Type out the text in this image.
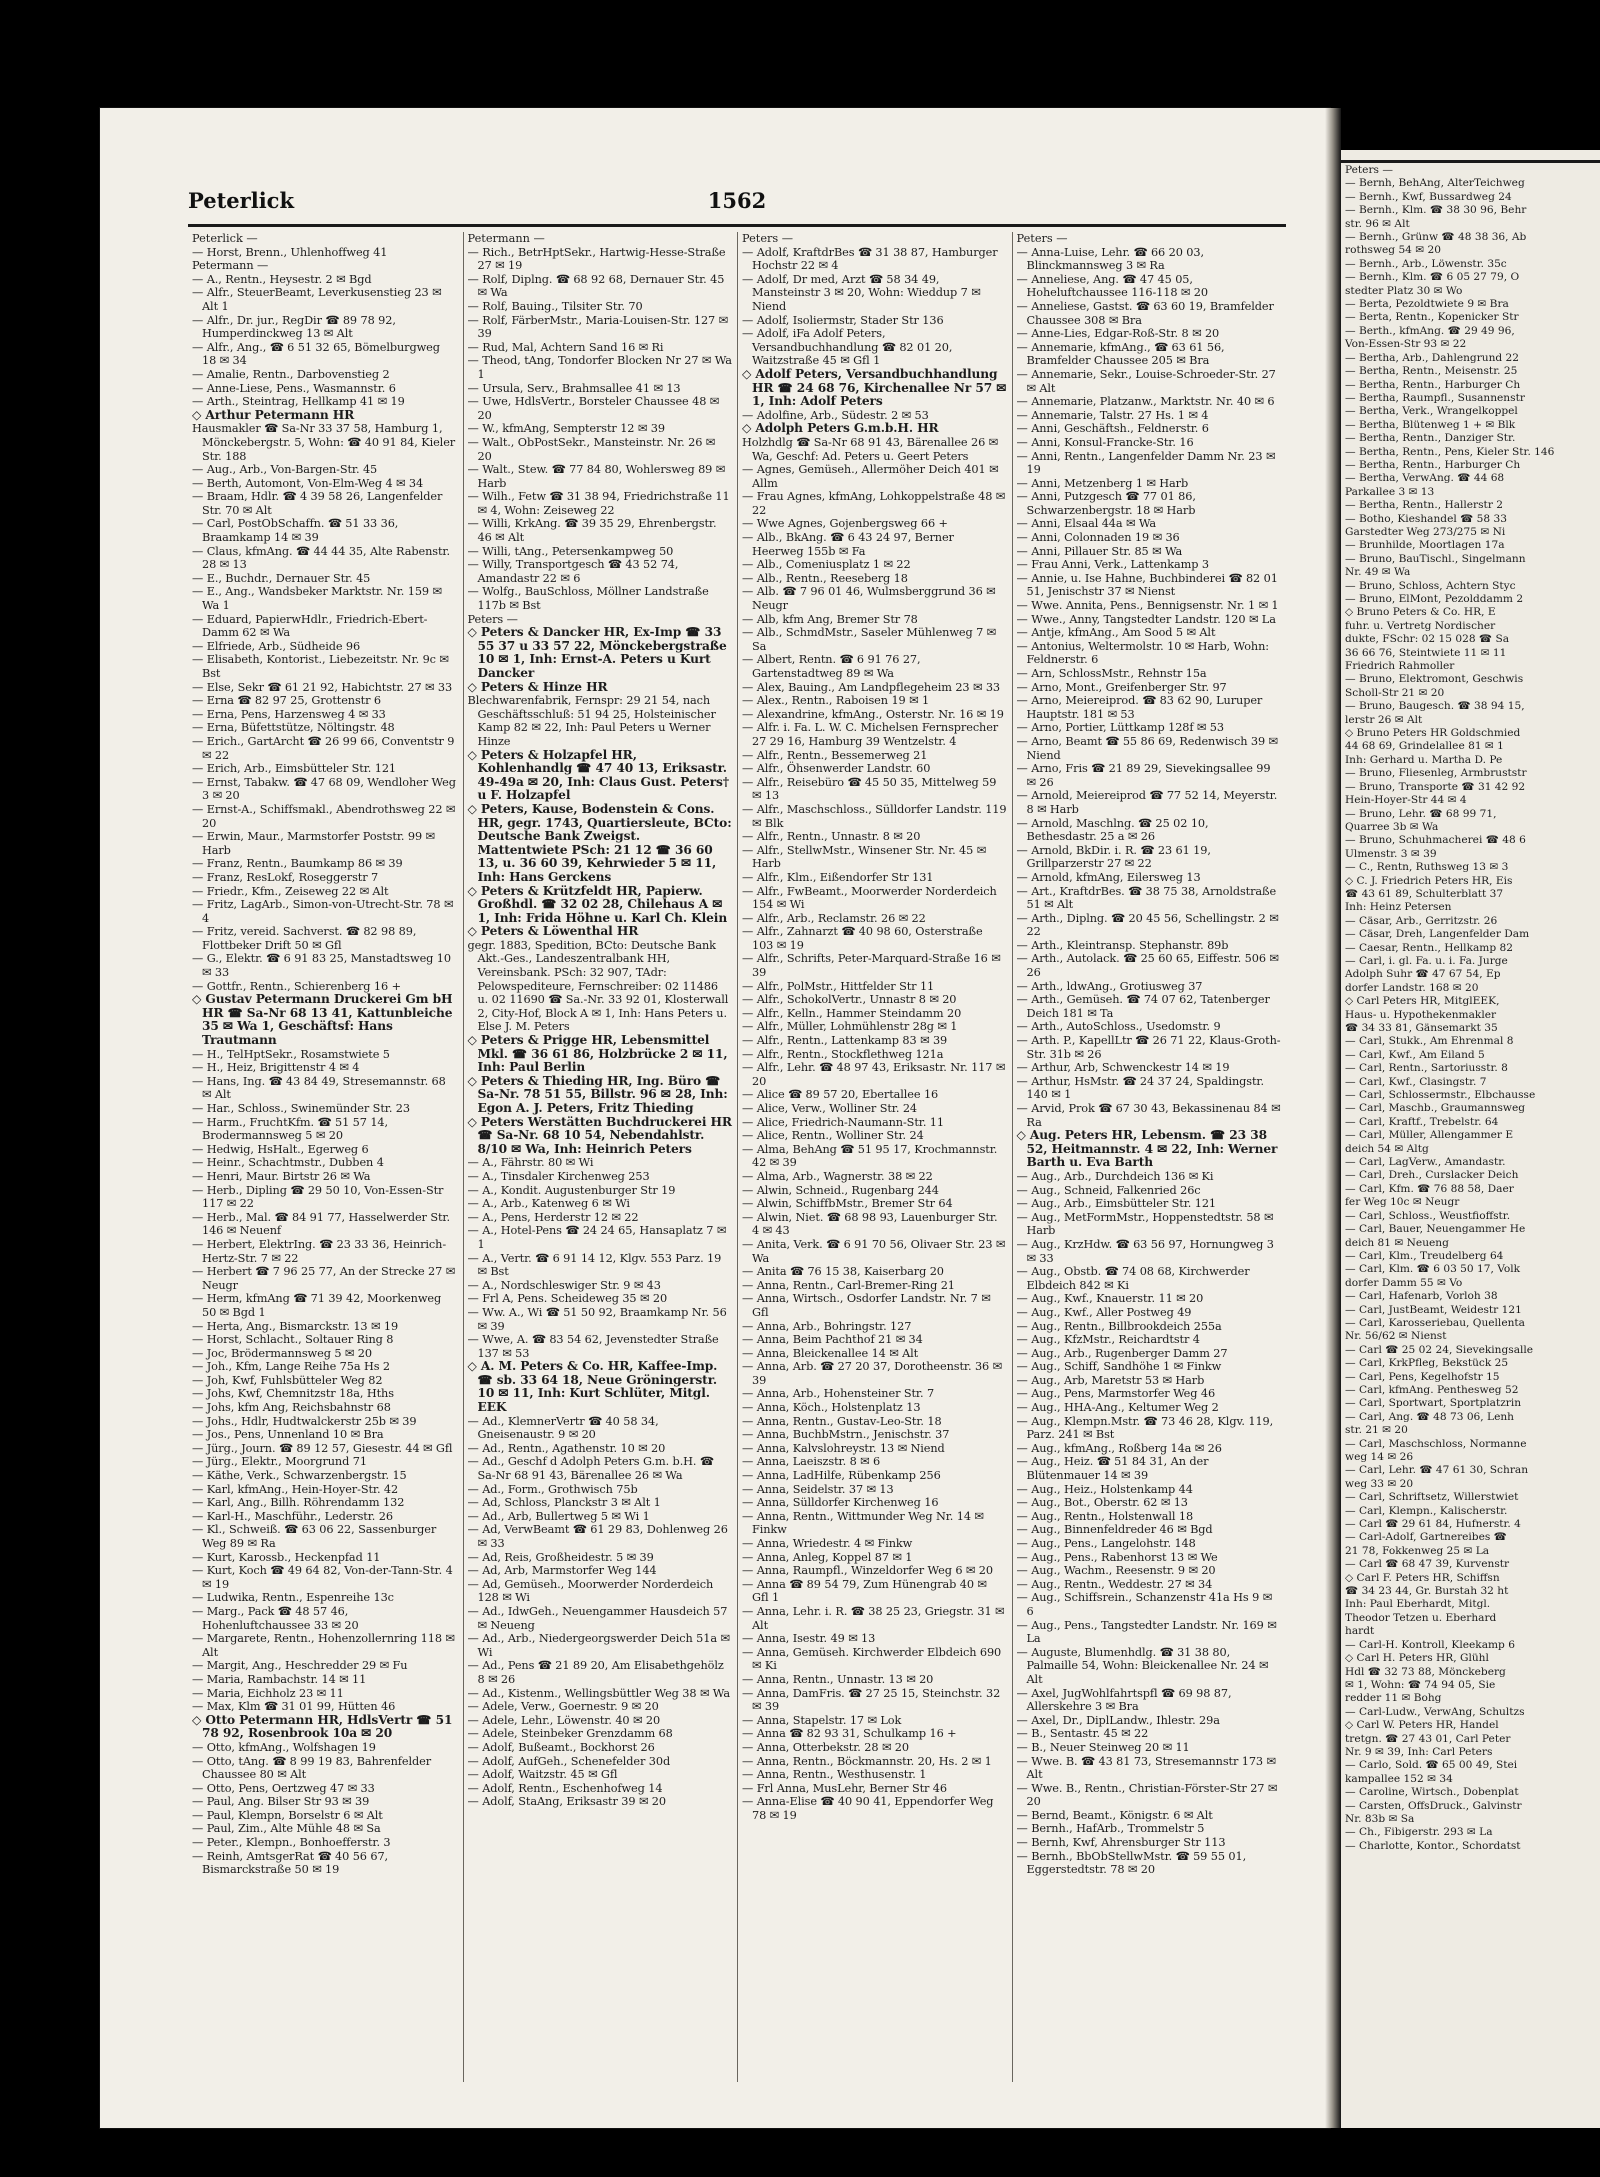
Peterlick	1562
Peterlick —
— Horst, Brenn., Uhlenhoffweg 41
Petermann —
— A., Rentn., Heysestr. 2 ✉ Bgd
— Alfr., SteuerBeamt, Leverkusenstieg 23 ✉ Alt 1
— Alfr., Dr. jur., RegDir ☎ 89 78 92, Humperdinckweg 13 ✉ Alt
— Alfr., Ang., ☎ 6 51 32 65, Bömelburgweg 18 ✉ 34
— Amalie, Rentn., Darbovenstieg 2
— Anne-Liese, Pens., Wasmannstr. 6
— Arth., Steintrag, Hellkamp 41 ✉ 19
◇ Arthur Petermann HR
Hausmakler ☎ Sa-Nr 33 37 58, Hamburg 1, Mönckebergstr. 5, Wohn: ☎ 40 91 84, Kieler Str. 188
— Aug., Arb., Von-Bargen-Str. 45
— Berth, Automont, Von-Elm-Weg 4 ✉ 34
— Braam, Hdlr. ☎ 4 39 58 26, Langenfelder Str. 70 ✉ Alt
— Carl, PostObSchaffn. ☎ 51 33 36, Braamkamp 14 ✉ 39
— Claus, kfmAng. ☎ 44 44 35, Alte Rabenstr. 28 ✉ 13
— E., Buchdr., Dernauer Str. 45
— E., Ang., Wandsbeker Marktstr. Nr. 159 ✉ Wa 1
— Eduard, PapierwHdlr., Friedrich-Ebert-Damm 62 ✉ Wa
— Elfriede, Arb., Südheide 96
— Elisabeth, Kontorist., Liebezeitstr. Nr. 9c ✉ Bst
— Else, Sekr ☎ 61 21 92, Habichtstr. 27 ✉ 33
— Erna ☎ 82 97 25, Grottenstr 6
— Erna, Pens, Harzensweg 4 ✉ 33
— Erna, Büfettstütze, Nöltingstr. 48
— Erich., GartArcht ☎ 26 99 66, Conventstr 9 ✉ 22
— Erich, Arb., Eimsbütteler Str. 121
— Ernst, Tabakw. ☎ 47 68 09, Wendloher Weg 3 ✉ 20
— Ernst-A., Schiffsmakl., Abendrothsweg 22 ✉ 20
— Erwin, Maur., Marmstorfer Poststr. 99 ✉ Harb
— Franz, Rentn., Baumkamp 86 ✉ 39
— Franz, ResLokf, Roseggerstr 7
— Friedr., Kfm., Zeiseweg 22 ✉ Alt
— Fritz, LagArb., Simon-von-Utrecht-Str. 78 ✉ 4
— Fritz, vereid. Sachverst. ☎ 82 98 89, Flottbeker Drift 50 ✉ Gfl
— G., Elektr. ☎ 6 91 83 25, Manstadtsweg 10 ✉ 33
— Gottfr., Rentn., Schierenberg 16 +
◇ Gustav Petermann Druckerei Gm bH HR ☎ Sa-Nr 68 13 41, Kattunbleiche 35 ✉ Wa 1, Geschäftsf: Hans Trautmann
— H., TelHptSekr., Rosamstwiete 5
— H., Heiz, Brigittenstr 4 ✉ 4
— Hans, Ing. ☎ 43 84 49, Stresemannstr. 68 ✉ Alt
— Har., Schloss., Swinemünder Str. 23
— Harm., FruchtKfm. ☎ 51 57 14, Brodermannsweg 5 ✉ 20
— Hedwig, HsHalt., Egerweg 6
— Heinr., Schachtmstr., Dubben 4
— Henri, Maur. Birtstr 26 ✉ Wa
— Herb., Dipling ☎ 29 50 10, Von-Essen-Str 117 ✉ 22
— Herb., Mal. ☎ 84 91 77, Hasselwerder Str. 146 ✉ Neuenf
— Herbert, ElektrIng. ☎ 23 33 36, Heinrich-Hertz-Str. 7 ✉ 22
— Herbert ☎ 7 96 25 77, An der Strecke 27 ✉ Neugr
— Herm, kfmAng ☎ 71 39 42, Moorkenweg 50 ✉ Bgd 1
— Herta, Ang., Bismarckstr. 13 ✉ 19
— Horst, Schlacht., Soltauer Ring 8
— Joc, Brödermannsweg 5 ✉ 20
— Joh., Kfm, Lange Reihe 75a Hs 2
— Joh, Kwf, Fuhlsbütteler Weg 82
— Johs, Kwf, Chemnitzstr 18a, Hths
— Johs, kfm Ang, Reichsbahnstr 68
— Johs., Hdlr, Hudtwalckerstr 25b ✉ 39
— Jos., Pens, Unnenland 10 ✉ Bra
— Jürg., Journ. ☎ 89 12 57, Giesestr. 44 ✉ Gfl
— Jürg., Elektr., Moorgrund 71
— Käthe, Verk., Schwarzenbergstr. 15
— Karl, kfmAng., Hein-Hoyer-Str. 42
— Karl, Ang., Billh. Röhrendamm 132
— Karl-H., Maschführ., Lederstr. 26
— Kl., Schweiß. ☎ 63 06 22, Sassenburger Weg 89 ✉ Ra
— Kurt, Karossb., Heckenpfad 11
— Kurt, Koch ☎ 49 64 82, Von-der-Tann-Str. 4 ✉ 19
— Ludwika, Rentn., Espenreihe 13c
— Marg., Pack ☎ 48 57 46, Hohenluftchaussee 33 ✉ 20
— Margarete, Rentn., Hohenzollernring 118 ✉ Alt
— Margit, Ang., Heschredder 29 ✉ Fu
— Maria, Rambachstr. 14 ✉ 11
— Maria, Eichholz 23 ✉ 11
— Max, Klm ☎ 31 01 99, Hütten 46
◇ Otto Petermann HR, HdlsVertr ☎ 51 78 92, Rosenbrook 10a ✉ 20
— Otto, kfmAng., Wolfshagen 19
— Otto, tAng. ☎ 8 99 19 83, Bahrenfelder Chaussee 80 ✉ Alt
— Otto, Pens, Oertzweg 47 ✉ 33
— Paul, Ang. Bilser Str 93 ✉ 39
— Paul, Klempn, Borselstr 6 ✉ Alt
— Paul, Zim., Alte Mühle 48 ✉ Sa
— Peter., Klempn., Bonhoefferstr. 3
— Reinh, AmtsgerRat ☎ 40 56 67, Bismarckstraße 50 ✉ 19
Petermann —
— Rich., BetrHptSekr., Hartwig-Hesse-Straße 27 ✉ 19
— Rolf, Diplng. ☎ 68 92 68, Dernauer Str. 45 ✉ Wa
— Rolf, Bauing., Tilsiter Str. 70
— Rolf, FärberMstr., Maria-Louisen-Str. 127 ✉ 39
— Rud, Mal, Achtern Sand 16 ✉ Ri
— Theod, tAng, Tondorfer Blocken Nr 27 ✉ Wa 1
— Ursula, Serv., Brahmsallee 41 ✉ 13
— Uwe, HdlsVertr., Borsteler Chaussee 48 ✉ 20
— W., kfmAng, Sempterstr 12 ✉ 39
— Walt., ObPostSekr., Mansteinstr. Nr. 26 ✉ 20
— Walt., Stew. ☎ 77 84 80, Wohlersweg 89 ✉ Harb
— Wilh., Fetw ☎ 31 38 94, Friedrichstraße 11 ✉ 4, Wohn: Zeiseweg 22
— Willi, KrkAng. ☎ 39 35 29, Ehrenbergstr. 46 ✉ Alt
— Willi, tAng., Petersenkampweg 50
— Willy, Transportgesch ☎ 43 52 74, Amandastr 22 ✉ 6
— Wolfg., BauSchloss, Möllner Landstraße 117b ✉ Bst
Peters —
◇ Peters & Dancker HR, Ex-Imp ☎ 33 55 37 u 33 57 22, Mönckebergstraße 10 ✉ 1, Inh: Ernst-A. Peters u Kurt Dancker
◇ Peters & Hinze HR
Blechwarenfabrik, Fernspr: 29 21 54, nach Geschäftsschluß: 51 94 25, Holsteinischer Kamp 82 ✉ 22, Inh: Paul Peters u Werner Hinze
◇ Peters & Holzapfel HR, Kohlenhandlg ☎ 47 40 13, Eriksastr. 49-49a ✉ 20, Inh: Claus Gust. Peters† u F. Holzapfel
◇ Peters, Kause, Bodenstein & Cons. HR, gegr. 1743, Quartiersleute, BCto: Deutsche Bank Zweigst. Mattentwiete PSch: 21 12 ☎ 36 60 13, u. 36 60 39, Kehrwieder 5 ✉ 11, Inh: Hans Gerckens
◇ Peters & Krützfeldt HR, Papierw. Großhdl. ☎ 32 02 28, Chilehaus A ✉ 1, Inh: Frida Höhne u. Karl Ch. Klein
◇ Peters & Löwenthal HR
gegr. 1883, Spedition, BCto: Deutsche Bank Akt.-Ges., Landeszentralbank HH, Vereinsbank. PSch: 32 907, TAdr: Pelowspediteure, Fernschreiber: 02 11486 u. 02 11690 ☎ Sa.-Nr. 33 92 01, Klosterwall 2, City-Hof, Block A ✉ 1, Inh: Hans Peters u. Else J. M. Peters
◇ Peters & Prigge HR, Lebensmittel Mkl. ☎ 36 61 86, Holzbrücke 2 ✉ 11, Inh: Paul Berlin
◇ Peters & Thieding HR, Ing. Büro ☎ Sa-Nr. 78 51 55, Billstr. 96 ✉ 28, Inh: Egon A. J. Peters, Fritz Thieding
◇ Peters Werstätten Buchdruckerei HR ☎ Sa-Nr. 68 10 54, Nebendahlstr. 8/10 ✉ Wa, Inh: Heinrich Peters
— A., Fährstr. 80 ✉ Wi
— A., Tinsdaler Kirchenweg 253
— A., Kondit. Augustenburger Str 19
— A., Arb., Katenweg 6 ✉ Wi
— A., Pens, Herderstr 12 ✉ 22
— A., Hotel-Pens ☎ 24 24 65, Hansaplatz 7 ✉ 1
— A., Vertr. ☎ 6 91 14 12, Klgv. 553 Parz. 19 ✉ Bst
— A., Nordschleswiger Str. 9 ✉ 43
— Frl A, Pens. Scheideweg 35 ✉ 20
— Ww. A., Wi ☎ 51 50 92, Braamkamp Nr. 56 ✉ 39
— Wwe, A. ☎ 83 54 62, Jevenstedter Straße 137 ✉ 53
◇ A. M. Peters & Co. HR, Kaffee-Imp. ☎ sb. 33 64 18, Neue Gröningerstr. 10 ✉ 11, Inh: Kurt Schlüter, Mitgl. EEK
— Ad., KlemnerVertr ☎ 40 58 34, Gneisenaustr. 9 ✉ 20
— Ad., Rentn., Agathenstr. 10 ✉ 20
— Ad., Geschf d Adolph Peters G.m. b.H. ☎ Sa-Nr 68 91 43, Bärenallee 26 ✉ Wa
— Ad., Form., Grothwisch 75b
— Ad, Schloss, Planckstr 3 ✉ Alt 1
— Ad., Arb, Bullertweg 5 ✉ Wi 1
— Ad, VerwBeamt ☎ 61 29 83, Dohlenweg 26 ✉ 33
— Ad, Reis, Großheidestr. 5 ✉ 39
— Ad, Arb, Marmstorfer Weg 144
— Ad, Gemüseh., Moorwerder Norderdeich 128 ✉ Wi
— Ad., IdwGeh., Neuengammer Hausdeich 57 ✉ Neueng
— Ad., Arb., Niedergeorgswerder Deich 51a ✉ Wi
— Ad., Pens ☎ 21 89 20, Am Elisabethgehölz 8 ✉ 26
— Ad., Kistenm., Wellingsbüttler Weg 38 ✉ Wa
— Adele, Verw., Goernestr. 9 ✉ 20
— Adele, Lehr., Löwenstr. 40 ✉ 20
— Adele, Steinbeker Grenzdamm 68
— Adolf, Bußeamt., Bockhorst 26
— Adolf, AufGeh., Schenefelder 30d
— Adolf, Waitzstr. 45 ✉ Gfl
— Adolf, Rentn., Eschenhofweg 14
— Adolf, StaAng, Eriksastr 39 ✉ 20
Peters —
— Adolf, KraftdrBes ☎ 31 38 87, Hamburger Hochstr 22 ✉ 4
— Adolf, Dr med, Arzt ☎ 58 34 49, Mansteinstr 3 ✉ 20, Wohn: Wieddup 7 ✉ Niend
— Adolf, Isoliermstr, Stader Str 136
— Adolf, iFa Adolf Peters, Versandbuchhandlung ☎ 82 01 20, Waitzstraße 45 ✉ Gfl 1
◇ Adolf Peters, Versandbuchhandlung HR ☎ 24 68 76, Kirchenallee Nr 57 ✉ 1, Inh: Adolf Peters
— Adolfine, Arb., Südestr. 2 ✉ 53
◇ Adolph Peters G.m.b.H. HR
Holzhdlg ☎ Sa-Nr 68 91 43, Bärenallee 26 ✉ Wa, Geschf: Ad. Peters u. Geert Peters
— Agnes, Gemüseh., Allermöher Deich 401 ✉ Allm
— Frau Agnes, kfmAng, Lohkoppelstraße 48 ✉ 22
— Wwe Agnes, Gojenbergsweg 66 +
— Alb., BkAng. ☎ 6 43 24 97, Berner Heerweg 155b ✉ Fa
— Alb., Comeniusplatz 1 ✉ 22
— Alb., Rentn., Reeseberg 18
— Alb. ☎ 7 96 01 46, Wulmsberggrund 36 ✉ Neugr
— Alb, kfm Ang, Bremer Str 78
— Alb., SchmdMstr., Saseler Mühlenweg 7 ✉ Sa
— Albert, Rentn. ☎ 6 91 76 27, Gartenstadtweg 89 ✉ Wa
— Alex, Bauing., Am Landpflegeheim 23 ✉ 33
— Alex., Rentn., Raboisen 19 ✉ 1
— Alexandrine, kfmAng., Osterstr. Nr. 16 ✉ 19
— Alfr. i. Fa. L. W. C. Michelsen Fernsprecher 27 29 16, Hamburg 39 Wentzelstr. 4
— Alfr., Rentn., Bessemerweg 21
— Alfr., Öhsenwerder Landstr. 60
— Alfr., Reisebüro ☎ 45 50 35, Mittelweg 59 ✉ 13
— Alfr., Maschschloss., Sülldorfer Landstr. 119 ✉ Blk
— Alfr., Rentn., Unnastr. 8 ✉ 20
— Alfr., StellwMstr., Winsener Str. Nr. 45 ✉ Harb
— Alfr., Klm., Eißendorfer Str 131
— Alfr., FwBeamt., Moorwerder Norderdeich 154 ✉ Wi
— Alfr., Arb., Reclamstr. 26 ✉ 22
— Alfr., Zahnarzt ☎ 40 98 60, Osterstraße 103 ✉ 19
— Alfr., Schrifts, Peter-Marquard-Straße 16 ✉ 39
— Alfr., PolMstr., Hittfelder Str 11
— Alfr., SchokolVertr., Unnastr 8 ✉ 20
— Alfr., Kelln., Hammer Steindamm 20
— Alfr., Müller, Lohmühlenstr 28g ✉ 1
— Alfr., Rentn., Lattenkamp 83 ✉ 39
— Alfr., Rentn., Stockflethweg 121a
— Alfr., Lehr. ☎ 48 97 43, Eriksastr. Nr. 117 ✉ 20
— Alice ☎ 89 57 20, Ebertallee 16
— Alice, Verw., Wolliner Str. 24
— Alice, Friedrich-Naumann-Str. 11
— Alice, Rentn., Wolliner Str. 24
— Alma, BehAng ☎ 51 95 17, Krochmannstr. 42 ✉ 39
— Alma, Arb., Wagnerstr. 38 ✉ 22
— Alwin, Schneid., Rugenbarg 244
— Alwin, SchiffbMstr., Bremer Str 64
— Alwin, Niet. ☎ 68 98 93, Lauenburger Str. 4 ✉ 43
— Anita, Verk. ☎ 6 91 70 56, Olivaer Str. 23 ✉ Wa
— Anita ☎ 76 15 38, Kaiserbarg 20
— Anna, Rentn., Carl-Bremer-Ring 21
— Anna, Wirtsch., Osdorfer Landstr. Nr. 7 ✉ Gfl
— Anna, Arb., Bohringstr. 127
— Anna, Beim Pachthof 21 ✉ 34
— Anna, Bleickenallee 14 ✉ Alt
— Anna, Arb. ☎ 27 20 37, Dorotheenstr. 36 ✉ 39
— Anna, Arb., Hohensteiner Str. 7
— Anna, Köch., Holstenplatz 13
— Anna, Rentn., Gustav-Leo-Str. 18
— Anna, BuchbMstrn., Jenischstr. 37
— Anna, Kalvslohreystr. 13 ✉ Niend
— Anna, Laeiszstr. 8 ✉ 6
— Anna, LadHilfe, Rübenkamp 256
— Anna, Seidelstr. 37 ✉ 13
— Anna, Sülldorfer Kirchenweg 16
— Anna, Rentn., Wittmunder Weg Nr. 14 ✉ Finkw
— Anna, Wriedestr. 4 ✉ Finkw
— Anna, Anleg, Koppel 87 ✉ 1
— Anna, Raumpfl., Winzeldorfer Weg 6 ✉ 20
— Anna ☎ 89 54 79, Zum Hünengrab 40 ✉ Gfl 1
— Anna, Lehr. i. R. ☎ 38 25 23, Griegstr. 31 ✉ Alt
— Anna, Isestr. 49 ✉ 13
— Anna, Gemüseh. Kirchwerder Elbdeich 690 ✉ Ki
— Anna, Rentn., Unnastr. 13 ✉ 20
— Anna, DamFris. ☎ 27 25 15, Steinchstr. 32 ✉ 39
— Anna, Stapelstr. 17 ✉ Lok
— Anna ☎ 82 93 31, Schulkamp 16 +
— Anna, Otterbekstr. 28 ✉ 20
— Anna, Rentn., Böckmannstr. 20, Hs. 2 ✉ 1
— Anna, Rentn., Westhusenstr. 1
— Frl Anna, MusLehr, Berner Str 46
— Anna-Elise ☎ 40 90 41, Eppendorfer Weg 78 ✉ 19
Peters —
— Anna-Luise, Lehr. ☎ 66 20 03, Blinckmannsweg 3 ✉ Ra
— Anneliese, Ang. ☎ 47 45 05, Hoheluftchaussee 116-118 ✉ 20
— Anneliese, Gastst. ☎ 63 60 19, Bramfelder Chaussee 308 ✉ Bra
— Anne-Lies, Edgar-Roß-Str. 8 ✉ 20
— Annemarie, kfmAng., ☎ 63 61 56, Bramfelder Chaussee 205 ✉ Bra
— Annemarie, Sekr., Louise-Schroeder-Str. 27 ✉ Alt
— Annemarie, Platzanw., Marktstr. Nr. 40 ✉ 6
— Annemarie, Talstr. 27 Hs. 1 ✉ 4
— Anni, Geschäftsh., Feldnerstr. 6
— Anni, Konsul-Francke-Str. 16
— Anni, Rentn., Langenfelder Damm Nr. 23 ✉ 19
— Anni, Metzenberg 1 ✉ Harb
— Anni, Putzgesch ☎ 77 01 86, Schwarzenbergstr. 18 ✉ Harb
— Anni, Elsaal 44a ✉ Wa
— Anni, Colonnaden 19 ✉ 36
— Anni, Pillauer Str. 85 ✉ Wa
— Frau Anni, Verk., Lattenkamp 3
— Annie, u. Ise Hahne, Buchbinderei ☎ 82 01 51, Jenischstr 37 ✉ Nienst
— Wwe. Annita, Pens., Bennigsenstr. Nr. 1 ✉ 1
— Wwe., Anny, Tangstedter Landstr. 120 ✉ La
— Antje, kfmAng., Am Sood 5 ✉ Alt
— Antonius, Weltermolstr. 10 ✉ Harb, Wohn: Feldnerstr. 6
— Arn, SchlossMstr., Rehnstr 15a
— Arno, Mont., Greifenberger Str. 97
— Arno, Meiereiprod. ☎ 83 62 90, Luruper Hauptstr. 181 ✉ 53
— Arno, Portier, Lüttkamp 128f ✉ 53
— Arno, Beamt ☎ 55 86 69, Redenwisch 39 ✉ Niend
— Arno, Fris ☎ 21 89 29, Sievekingsallee 99 ✉ 26
— Arnold, Meiereiprod ☎ 77 52 14, Meyerstr. 8 ✉ Harb
— Arnold, Maschlng. ☎ 25 02 10, Bethesdastr. 25 a ✉ 26
— Arnold, BkDir. i. R. ☎ 23 61 19, Grillparzerstr 27 ✉ 22
— Arnold, kfmAng, Eilersweg 13
— Art., KraftdrBes. ☎ 38 75 38, Arnoldstraße 51 ✉ Alt
— Arth., Diplng. ☎ 20 45 56, Schellingstr. 2 ✉ 22
— Arth., Kleintransp. Stephanstr. 89b
— Arth., Autolack. ☎ 25 60 65, Eiffestr. 506 ✉ 26
— Arth., ldwAng., Grotiusweg 37
— Arth., Gemüseh. ☎ 74 07 62, Tatenberger Deich 181 ✉ Ta
— Arth., AutoSchloss., Usedomstr. 9
— Arth. P., KapellLtr ☎ 26 71 22, Klaus-Groth-Str. 31b ✉ 26
— Arthur, Arb, Schwenckestr 14 ✉ 19
— Arthur, HsMstr. ☎ 24 37 24, Spaldingstr. 140 ✉ 1
— Arvid, Prok ☎ 67 30 43, Bekassinenau 84 ✉ Ra
◇ Aug. Peters HR, Lebensm. ☎ 23 38 52, Heitmannstr. 4 ✉ 22, Inh: Werner Barth u. Eva Barth
— Aug., Arb., Durchdeich 136 ✉ Ki
— Aug., Schneid, Falkenried 26c
— Aug., Arb., Eimsbütteler Str. 121
— Aug., MetFormMstr., Hoppenstedtstr. 58 ✉ Harb
— Aug., KrzHdw. ☎ 63 56 97, Hornungweg 3 ✉ 33
— Aug., Obstb. ☎ 74 08 68, Kirchwerder Elbdeich 842 ✉ Ki
— Aug., Kwf., Knauerstr. 11 ✉ 20
— Aug., Kwf., Aller Postweg 49
— Aug., Rentn., Billbrookdeich 255a
— Aug., KfzMstr., Reichardtstr 4
— Aug., Arb., Rugenberger Damm 27
— Aug., Schiff, Sandhöhe 1 ✉ Finkw
— Aug., Arb, Maretstr 53 ✉ Harb
— Aug., Pens, Marmstorfer Weg 46
— Aug., HHA-Ang., Keltumer Weg 2
— Aug., Klempn.Mstr. ☎ 73 46 28, Klgv. 119, Parz. 241 ✉ Bst
— Aug., kfmAng., Roßberg 14a ✉ 26
— Aug., Heiz. ☎ 51 84 31, An der Blütenmauer 14 ✉ 39
— Aug., Heiz., Holstenkamp 44
— Aug., Bot., Oberstr. 62 ✉ 13
— Aug., Rentn., Holstenwall 18
— Aug., Binnenfeldreder 46 ✉ Bgd
— Aug., Pens., Langelohstr. 148
— Aug., Pens., Rabenhorst 13 ✉ We
— Aug., Wachm., Reesenstr. 9 ✉ 20
— Aug., Rentn., Weddestr. 27 ✉ 34
— Aug., Schiffsrein., Schanzenstr 41a Hs 9 ✉ 6
— Aug., Pens., Tangstedter Landstr. Nr. 169 ✉ La
— Auguste, Blumenhdlg. ☎ 31 38 80, Palmaille 54, Wohn: Bleickenallee Nr. 24 ✉ Alt
— Axel, JugWohlfahrtspfl ☎ 69 98 87, Allerskehre 3 ✉ Bra
— Axel, Dr., DiplLandw., Ihlestr. 29a
— B., Sentastr. 45 ✉ 22
— B., Neuer Steinweg 20 ✉ 11
— Wwe. B. ☎ 43 81 73, Stresemannstr 173 ✉ Alt
— Wwe. B., Rentn., Christian-Förster-Str 27 ✉ 20
— Bernd, Beamt., Königstr. 6 ✉ Alt
— Bernh., HafArb., Trommelstr 5
— Bernh, Kwf, Ahrensburger Str 113
— Bernh., BbObStellwMstr. ☎ 59 55 01, Eggerstedtstr. 78 ✉ 20
Peters —
— Bernh, BehAng, AlterTeichweg
— Bernh., Kwf, Bussardweg 24
— Bernh., Klm. ☎ 38 30 96, Behr
str. 96 ✉ Alt
— Bernh., Grünw ☎ 48 38 36, Ab
rothsweg 54 ✉ 20
— Bernh., Arb., Löwenstr. 35c
— Bernh., Klm. ☎ 6 05 27 79, O
stedter Platz 30 ✉ Wo
— Berta, Pezoldtwiete 9 ✉ Bra
— Berta, Rentn., Kopenicker Str
— Berth., kfmAng. ☎ 29 49 96,
Von-Essen-Str 93 ✉ 22
— Bertha, Arb., Dahlengrund 22
— Bertha, Rentn., Meisenstr. 25
— Bertha, Rentn., Harburger Ch
— Bertha, Raumpfl., Susannenstr
— Bertha, Verk., Wrangelkoppel
— Bertha, Blütenweg 1 + ✉ Blk
— Bertha, Rentn., Danziger Str.
— Bertha, Rentn., Pens, Kieler Str. 146
— Bertha, Rentn., Harburger Ch
— Bertha, VerwAng. ☎ 44 68
Parkallee 3 ✉ 13
— Bertha, Rentn., Hallerstr 2
— Botho, Kieshandel ☎ 58 33
Garstedter Weg 273/275 ✉ Ni
— Brunhilde, Moortlagen 17a
— Bruno, BauTischl., Singelmann
Nr. 49 ✉ Wa
— Bruno, Schloss, Achtern Styc
— Bruno, ElMont, Pezolddamm 2
◇ Bruno Peters & Co. HR, E
fuhr. u. Vertretg Nordischer
dukte, FSchr: 02 15 028 ☎ Sa
36 66 76, Steintwiete 11 ✉ 11
Friedrich Rahmoller
— Bruno, Elektromont, Geschwis
Scholl-Str 21 ✉ 20
— Bruno, Baugesch. ☎ 38 94 15,
lerstr 26 ✉ Alt
◇ Bruno Peters HR Goldschmied
44 68 69, Grindelallee 81 ✉ 1
Inh: Gerhard u. Martha D. Pe
— Bruno, Fliesenleg, Armbruststr
— Bruno, Transporte ☎ 31 42 92
Hein-Hoyer-Str 44 ✉ 4
— Bruno, Lehr. ☎ 68 99 71,
Quarree 3b ✉ Wa
— Bruno, Schuhmacherei ☎ 48 6
Ulmenstr. 3 ✉ 39
— C., Rentn, Ruthsweg 13 ✉ 3
◇ C. J. Friedrich Peters HR, Eis
☎ 43 61 89, Schulterblatt 37
Inh: Heinz Petersen
— Cäsar, Arb., Gerritzstr. 26
— Cäsar, Dreh, Langenfelder Dam
— Caesar, Rentn., Hellkamp 82
— Carl, i. gl. Fa. u. i. Fa. Jurge
Adolph Suhr ☎ 47 67 54, Ep
dorfer Landstr. 168 ✉ 20
◇ Carl Peters HR, MitglEEK,
Haus- u. Hypothekenmakler
☎ 34 33 81, Gänsemarkt 35
— Carl, Stukk., Am Ehrenmal 8
— Carl, Kwf., Am Eiland 5
— Carl, Rentn., Sartoriusstr. 8
— Carl, Kwf., Clasingstr. 7
— Carl, Schlossermstr., Elbchausse
— Carl, Maschb., Graumannsweg
— Carl, Kraftf., Trebelstr. 64
— Carl, Müller, Allengammer E
deich 54 ✉ Altg
— Carl, LagVerw., Amandastr.
— Carl, Dreh., Curslacker Deich
— Carl, Kfm. ☎ 76 88 58, Daer
fer Weg 10c ✉ Neugr
— Carl, Schloss., Weustfioffstr.
— Carl, Bauer, Neuengammer He
deich 81 ✉ Neueng
— Carl, Klm., Treudelberg 64
— Carl, Klm. ☎ 6 03 50 17, Volk
dorfer Damm 55 ✉ Vo
— Carl, Hafenarb, Vorloh 38
— Carl, JustBeamt, Weidestr 121
— Carl, Karosseriebau, Quellenta
Nr. 56/62 ✉ Nienst
— Carl ☎ 25 02 24, Sievekingsalle
— Carl, KrkPfleg, Bekstück 25
— Carl, Pens, Kegelhofstr 15
— Carl, kfmAng. Penthesweg 52
— Carl, Sportwart, Sportplatzrin
— Carl, Ang. ☎ 48 73 06, Lenh
str. 21 ✉ 20
— Carl, Maschschloss, Normanne
weg 14 ✉ 26
— Carl, Lehr. ☎ 47 61 30, Schran
weg 33 ✉ 20
— Carl, Schriftsetz, Willerstwiet
— Carl, Klempn., Kalischerstr.
— Carl ☎ 29 61 84, Hufnerstr. 4
— Carl-Adolf, Gartnereibes ☎
21 78, Fokkenweg 25 ✉ La
— Carl ☎ 68 47 39, Kurvenstr
◇ Carl F. Peters HR, Schiffsn
☎ 34 23 44, Gr. Burstah 32 ht
Inh: Paul Eberhardt, Mitgl.
Theodor Tetzen u. Eberhard
hardt
— Carl-H. Kontroll, Kleekamp 6
◇ Carl H. Peters HR, Glühl
Hdl ☎ 32 73 88, Mönckeberg
✉ 1, Wohn: ☎ 74 94 05, Sie
redder 11 ✉ Bohg
— Carl-Ludw., VerwAng, Schultzs
◇ Carl W. Peters HR, Handel
tretgn. ☎ 27 43 01, Carl Peter
Nr. 9 ✉ 39, Inh: Carl Peters
— Carlo, Sold. ☎ 65 00 49, Stei
kampallee 152 ✉ 34
— Caroline, Wirtsch., Dobenplat
— Carsten, OffsDruck., Galvinstr
Nr. 83b ✉ Sa
— Ch., Fibigerstr. 293 ✉ La
— Charlotte, Kontor., Schordatst
